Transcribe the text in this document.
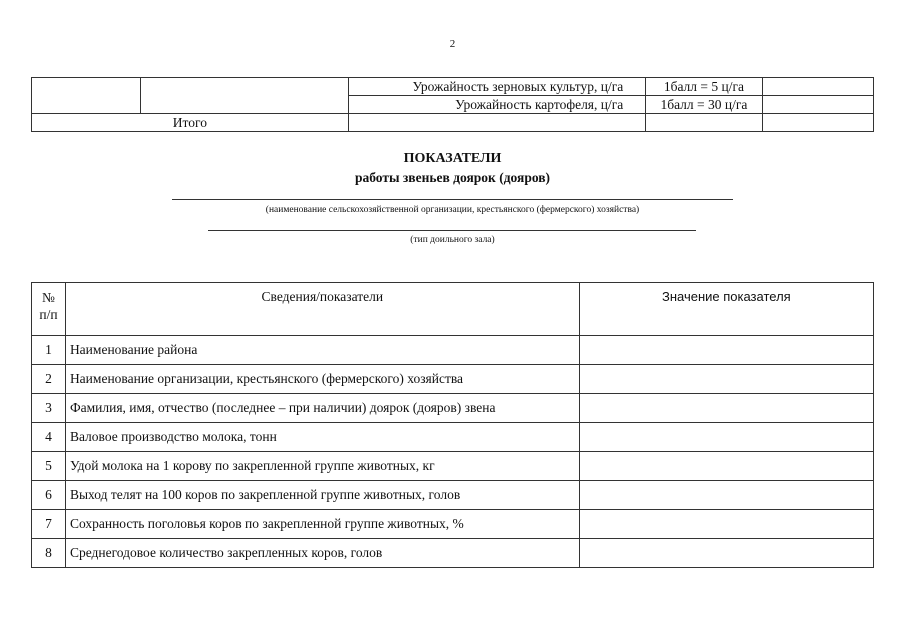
2
		Урожайность зерновых культур, ц/га	1балл = 5 ц/га	
		Урожайность картофеля, ц/га	1балл = 30 ц/га	
Итого				
ПОКАЗАТЕЛИ
работы звеньев доярок (дояров)
(наименование сельскохозяйственной организации, крестьянского (фермерского) хозяйства)
(тип доильного зала)
№
п/п	Сведения/показатели	Значение показателя
1	Наименование района	
2	Наименование организации, крестьянского (фермерского) хозяйства	
3	Фамилия, имя, отчество (последнее – при наличии) доярок (дояров) звена	
4	Валовое производство молока, тонн	
5	Удой молока на 1 корову по закрепленной группе животных, кг	
6	Выход телят на 100 коров по закрепленной группе животных, голов	
7	Сохранность поголовья коров по закрепленной группе животных, %	
8	Среднегодовое количество закрепленных коров, голов	
